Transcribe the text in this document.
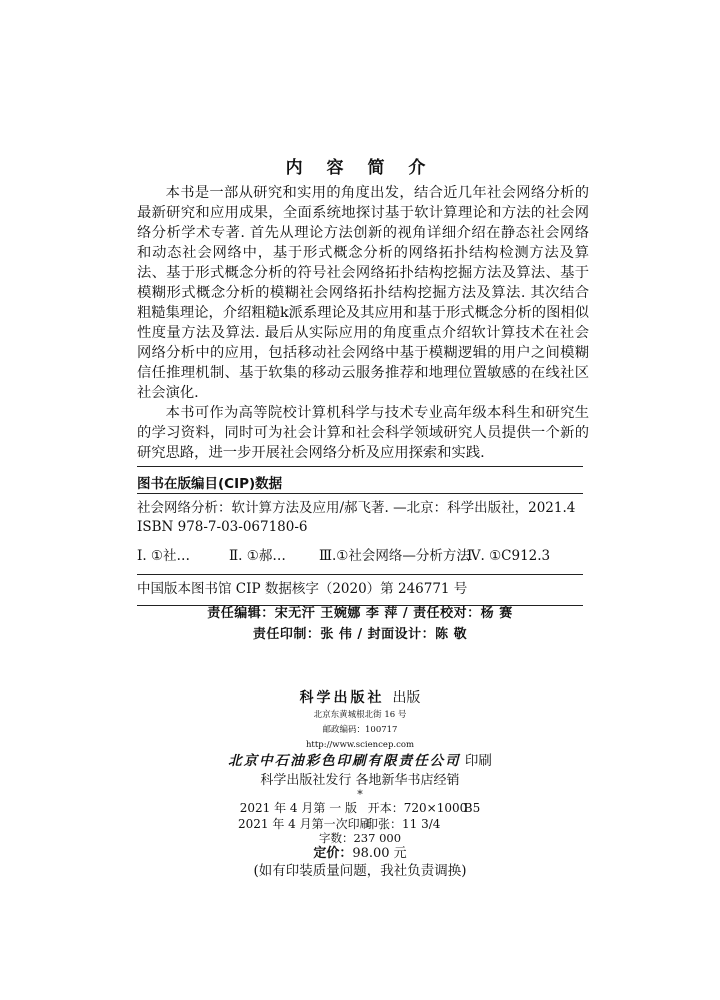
内 容 简 介

本书是一部从研究和实用的角度出发，结合近几年社会网络分析的最新研究和应用成果，全面系统地探讨基于软计算理论和方法的社会网络分析学术专著. 首先从理论方法创新的视角详细介绍在静态社会网络和动态社会网络中，基于形式概念分析的网络拓扑结构检测方法及算法、基于形式概念分析的符号社会网络拓扑结构挖掘方法及算法、基于模糊形式概念分析的模糊社会网络拓扑结构挖掘方法及算法. 其次结合粗糙集理论，介绍粗糙k派系理论及其应用和基于形式概念分析的图相似性度量方法及算法. 最后从实际应用的角度重点介绍软计算技术在社会网络分析中的应用，包括移动社会网络中基于模糊逻辑的用户之间模糊信任推理机制、基于软集的移动云服务推荐和地理位置敏感的在线社区社会演化.

本书可作为高等院校计算机科学与技术专业高年级本科生和研究生的学习资料，同时可为社会计算和社会科学领域研究人员提供一个新的研究思路，进一步开展社会网络分析及应用探索和实践.

图书在版编目(CIP)数据
社会网络分析：软计算方法及应用/郝飞著. —北京：科学出版社，2021.4
ISBN 978-7-03-067180-6
Ⅰ. ①社…	Ⅱ. ①郝… Ⅲ.①社会网络—分析方法Ⅳ. ①C912.3
中国版本图书馆 CIP 数据核字（2020）第 246771 号
责任编辑：宋无汗 王婉娜 李 萍 / 责任校对：杨 赛
责任印制：张 伟 / 封面设计：陈 敬
科学出版社 出版
北京东黄城根北街 16 号
邮政编码：100717
http://www.sciencep.com
北京中石油彩色印刷有限责任公司 印刷
科学出版社发行 各地新华书店经销
*
2021 年 4 月第 一 版 开本：720×1000B5
2021 年 4 月第一次印刷印张：11 3/4
字数：237 000
定价：98.00 元
(如有印装质量问题，我社负责调换)
